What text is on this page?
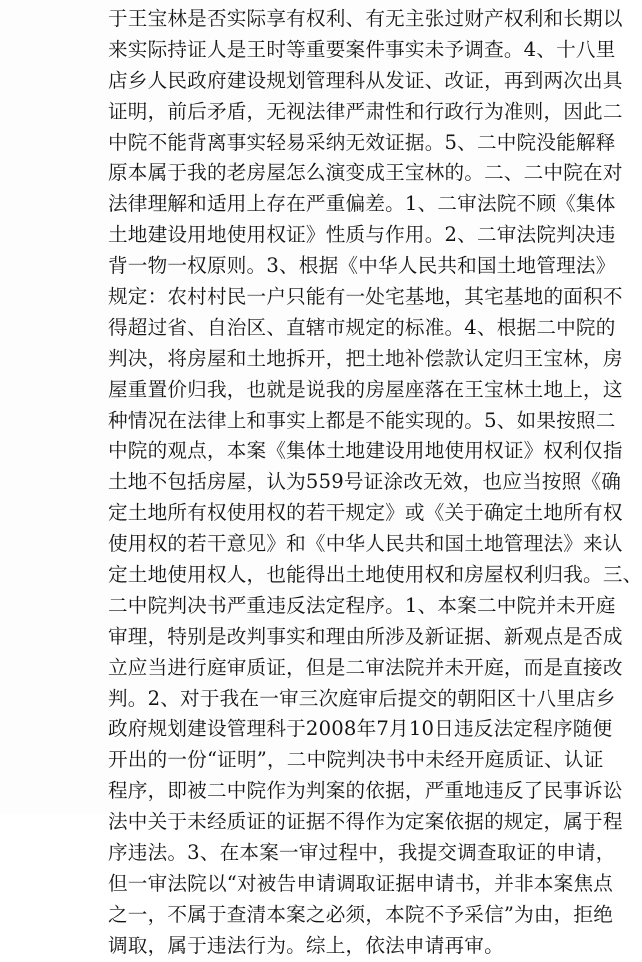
于王宝林是否实际享有权利、有无主张过财产权利和长期以
来实际持证人是王时等重要案件事实未予调查。4、十八里
店乡人民政府建设规划管理科从发证、改证，再到两次出具
证明，前后矛盾，无视法律严肃性和行政行为准则，因此二
中院不能背离事实轻易采纳无效证据。5、二中院没能解释
原本属于我的老房屋怎么演变成王宝林的。二、二中院在对
法律理解和适用上存在严重偏差。1、二审法院不顾《集体
土地建设用地使用权证》性质与作用。2、二审法院判决违
背一物一权原则。3、根据《中华人民共和国土地管理法》
规定：农村村民一户只能有一处宅基地，其宅基地的面积不
得超过省、自治区、直辖市规定的标准。4、根据二中院的
判决，将房屋和土地拆开，把土地补偿款认定归王宝林，房
屋重置价归我，也就是说我的房屋座落在王宝林土地上，这
种情况在法律上和事实上都是不能实现的。5、如果按照二
中院的观点，本案《集体土地建设用地使用权证》权利仅指
土地不包括房屋，认为559号证涂改无效，也应当按照《确
定土地所有权使用权的若干规定》或《关于确定土地所有权
使用权的若干意见》和《中华人民共和国土地管理法》来认
定土地使用权人，也能得出土地使用权和房屋权利归我。三、
二中院判决书严重违反法定程序。1、本案二中院并未开庭
审理，特别是改判事实和理由所涉及新证据、新观点是否成
立应当进行庭审质证，但是二审法院并未开庭，而是直接改
判。2、对于我在一审三次庭审后提交的朝阳区十八里店乡
政府规划建设管理科于2008年7月10日违反法定程序随便
开出的一份“证明”，二中院判决书中未经开庭质证、认证
程序，即被二中院作为判案的依据，严重地违反了民事诉讼
法中关于未经质证的证据不得作为定案依据的规定，属于程
序违法。3、在本案一审过程中，我提交调查取证的申请，
但一审法院以“对被告申请调取证据申请书，并非本案焦点
之一，不属于查清本案之必须，本院不予采信”为由，拒绝
调取，属于违法行为。综上，依法申请再审。
